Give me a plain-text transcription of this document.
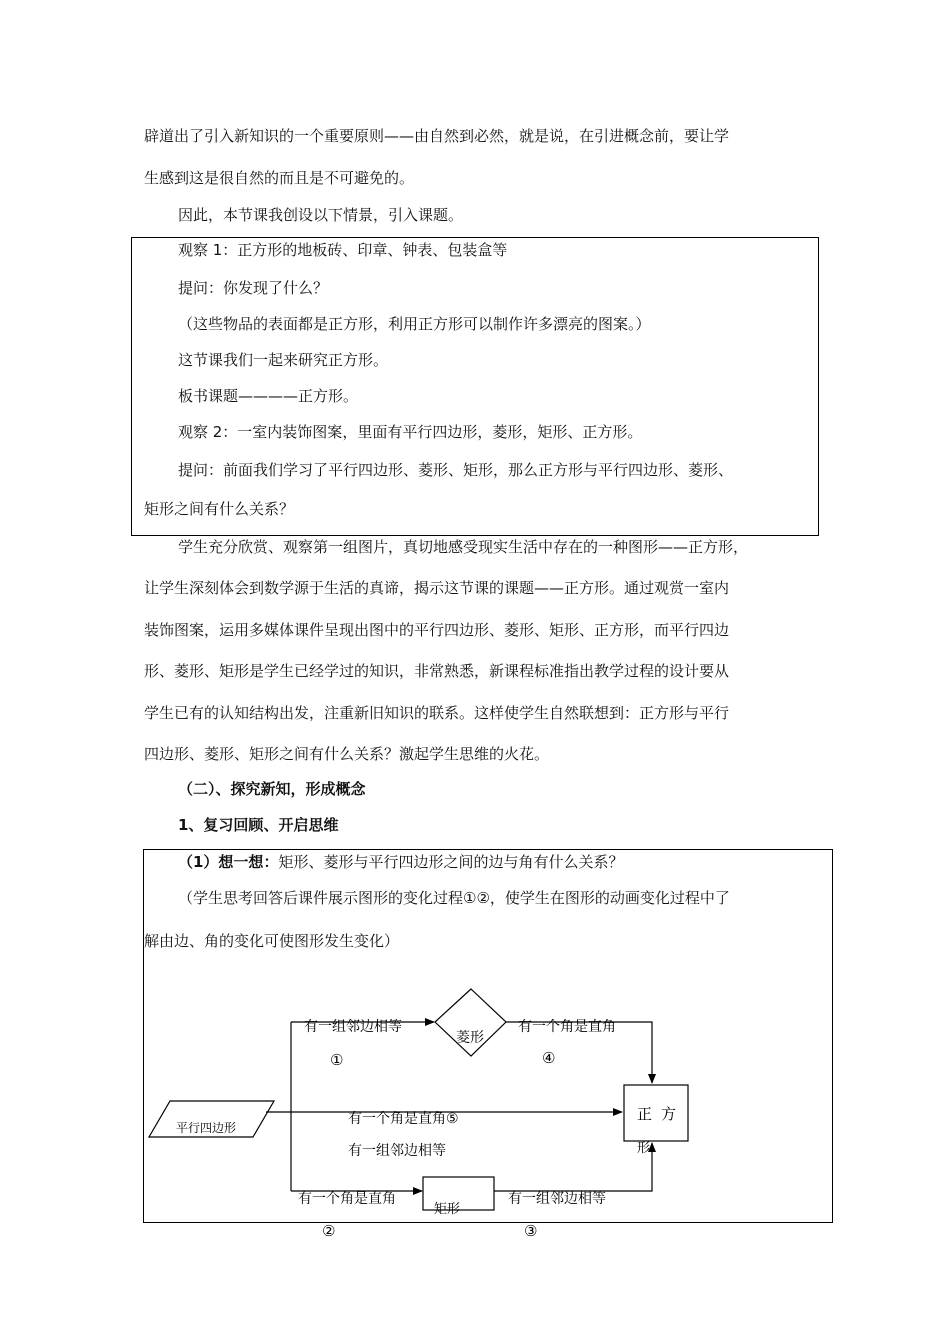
辟道出了引入新知识的一个重要原则——由自然到必然，就是说，在引进概念前，要让学
生感到这是很自然的而且是不可避免的。
因此，本节课我创设以下情景，引入课题。
观察 1：正方形的地板砖、印章、钟表、包装盒等
提问：你发现了什么？
（这些物品的表面都是正方形，利用正方形可以制作许多漂亮的图案。）
这节课我们一起来研究正方形。
板书课题————正方形。
观察 2：一室内装饰图案，里面有平行四边形，菱形，矩形、正方形。
提问：前面我们学习了平行四边形、菱形、矩形，那么正方形与平行四边形、菱形、
矩形之间有什么关系？
学生充分欣赏、观察第一组图片，真切地感受现实生活中存在的一种图形——正方形，
让学生深刻体会到数学源于生活的真谛，揭示这节课的课题——正方形。通过观赏一室内
装饰图案，运用多媒体课件呈现出图中的平行四边形、菱形、矩形、正方形，而平行四边
形、菱形、矩形是学生已经学过的知识，非常熟悉，新课程标准指出教学过程的设计要从
学生已有的认知结构出发，注重新旧知识的联系。这样使学生自然联想到：正方形与平行
四边形、菱形、矩形之间有什么关系？激起学生思维的火花。
（二）、探究新知，形成概念
1、复习回顾、开启思维
（1）想一想：矩形、菱形与平行四边形之间的边与角有什么关系？
（学生思考回答后课件展示图形的变化过程①②，使学生在图形的动画变化过程中了
解由边、角的变化可使图形发生变化）
平行四边形
菱形
矩形
正 方
形
有一组邻边相等
①
有一个角是直角
④
有一个角是直角⑤
有一组邻边相等
有一个角是直角
②
有一组邻边相等
③
